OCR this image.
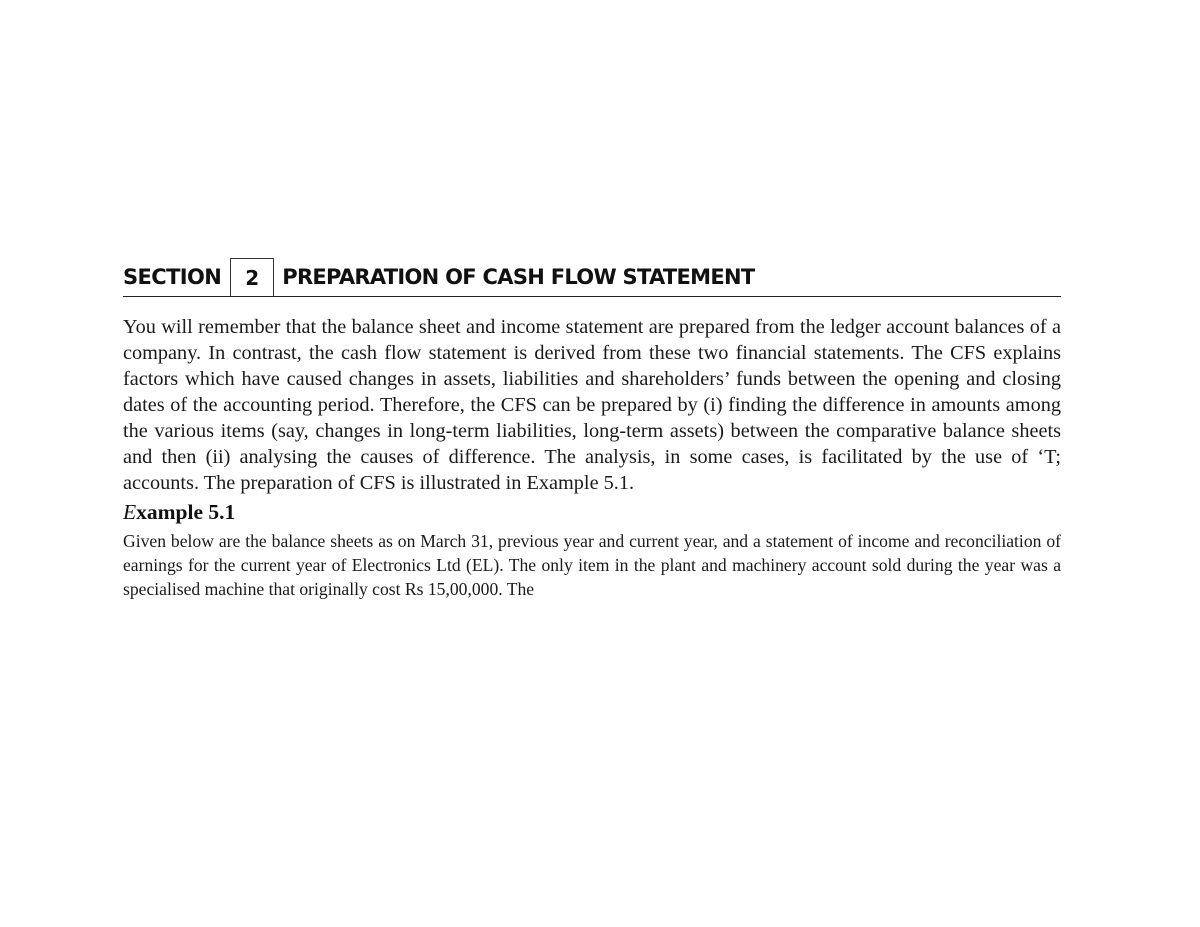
SECTION	2	PREPARATION OF CASH FLOW STATEMENT

You will remember that the balance sheet and income statement are prepared from the ledger account balances of a company. In contrast, the cash flow statement is derived from these two financial statements. The CFS explains factors which have caused changes in assets, liabilities and shareholders’ funds between the opening and closing dates of the accounting period. Therefore, the CFS can be prepared by (i) finding the difference in amounts among the various items (say, changes in long-term liabilities, long-term assets) between the comparative balance sheets and then (ii) analysing the causes of difference. The analysis, in some cases, is facilitated by the use of ‘T; accounts. The preparation of CFS is illustrated in Example 5.1.

Example 5.1

Given below are the balance sheets as on March 31, previous year and current year, and a statement of income and reconciliation of earnings for the current year of Electronics Ltd (EL). The only item in the plant and machinery account sold during the year was a specialised machine that originally cost Rs 15,00,000. The
